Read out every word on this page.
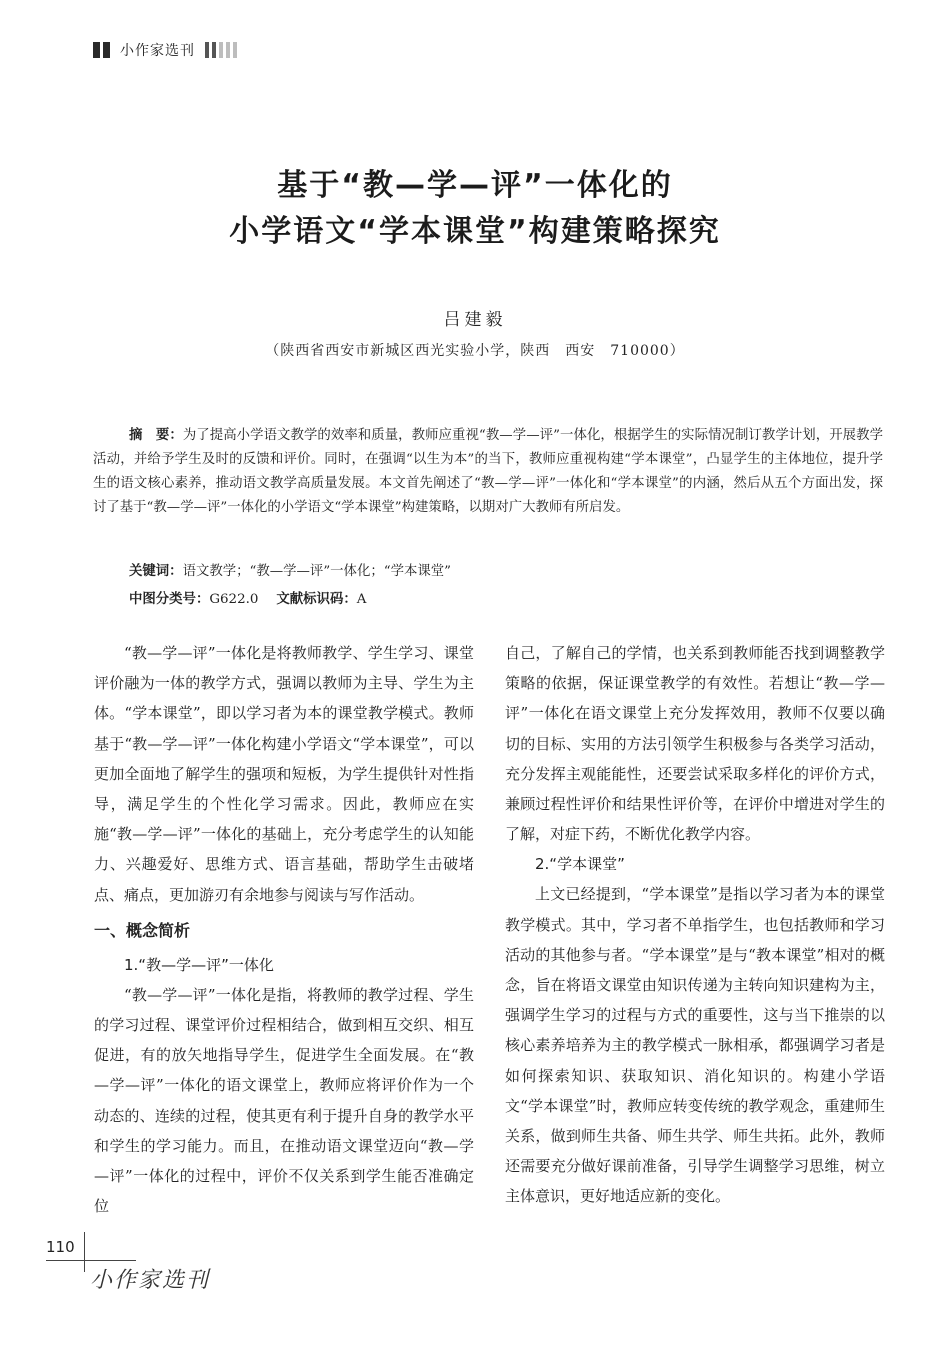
小作家选刊
基于“教—学—评”一体化的
小学语文“学本课堂”构建策略探究
吕建毅
（陕西省西安市新城区西光实验小学，陕西　西安　710000）

摘　要：为了提高小学语文教学的效率和质量，教师应重视“教—学—评”一体化，根据学生的实际情况制订教学计划，开展教学活动，并给予学生及时的反馈和评价。同时，在强调“以生为本”的当下，教师应重视构建“学本课堂”，凸显学生的主体地位，提升学生的语文核心素养，推动语文教学高质量发展。本文首先阐述了“教—学—评”一体化和“学本课堂”的内涵，然后从五个方面出发，探讨了基于“教—学—评”一体化的小学语文“学本课堂”构建策略，以期对广大教师有所启发。

关键词：语文教学；“教—学—评”一体化；“学本课堂”
中图分类号：G622.0 文献标识码：A

“教—学—评”一体化是将教师教学、学生学习、课堂评价融为一体的教学方式，强调以教师为主导、学生为主体。“学本课堂”，即以学习者为本的课堂教学模式。教师基于“教—学—评”一体化构建小学语文“学本课堂”，可以更加全面地了解学生的强项和短板，为学生提供针对性指导，满足学生的个性化学习需求。因此，教师应在实施“教—学—评”一体化的基础上，充分考虑学生的认知能力、兴趣爱好、思维方式、语言基础，帮助学生击破堵点、痛点，更加游刃有余地参与阅读与写作活动。

一、概念简析
1.“教—学—评”一体化

“教—学—评”一体化是指，将教师的教学过程、学生的学习过程、课堂评价过程相结合，做到相互交织、相互促进，有的放矢地指导学生，促进学生全面发展。在“教—学—评”一体化的语文课堂上，教师应将评价作为一个动态的、连续的过程，使其更有利于提升自身的教学水平和学生的学习能力。而且，在推动语文课堂迈向“教—学—评”一体化的过程中，评价不仅关系到学生能否准确定位

自己，了解自己的学情，也关系到教师能否找到调整教学策略的依据，保证课堂教学的有效性。若想让“教—学—评”一体化在语文课堂上充分发挥效用，教师不仅要以确切的目标、实用的方法引领学生积极参与各类学习活动，充分发挥主观能能性，还要尝试采取多样化的评价方式，兼顾过程性评价和结果性评价等，在评价中增进对学生的了解，对症下药，不断优化教学内容。

2.“学本课堂”

上文已经提到，“学本课堂”是指以学习者为本的课堂教学模式。其中，学习者不单指学生，也包括教师和学习活动的其他参与者。“学本课堂”是与“教本课堂”相对的概念，旨在将语文课堂由知识传递为主转向知识建构为主，强调学生学习的过程与方式的重要性，这与当下推崇的以核心素养培养为主的教学模式一脉相承，都强调学习者是如何探索知识、获取知识、消化知识的。构建小学语文“学本课堂”时，教师应转变传统的教学观念，重建师生关系，做到师生共备、师生共学、师生共拓。此外，教师还需要充分做好课前准备，引导学生调整学习思维，树立主体意识，更好地适应新的变化。

110
小作家选刊
